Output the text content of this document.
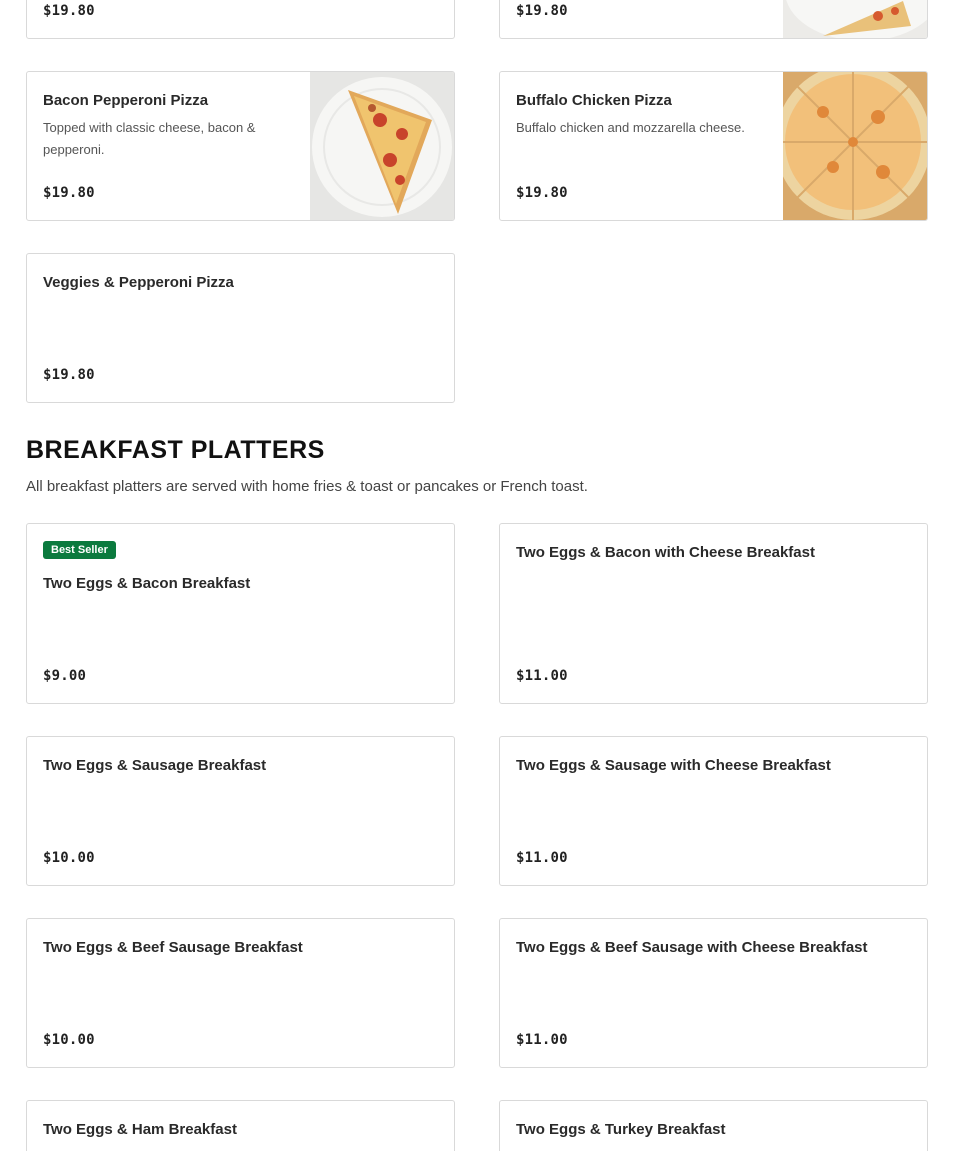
$19.80	$19.80
Bacon Pepperoni Pizza
Topped with classic cheese, bacon & pepperoni.
$19.80
Buffalo Chicken Pizza
Buffalo chicken and mozzarella cheese.
$19.80
Veggies & Pepperoni Pizza
$19.80
BREAKFAST PLATTERS

All breakfast platters are served with home fries & toast or pancakes or French toast.

Best Seller
Two Eggs & Bacon Breakfast
$9.00
Two Eggs & Bacon with Cheese Breakfast
$11.00
Two Eggs & Sausage Breakfast
$10.00
Two Eggs & Sausage with Cheese Breakfast
$11.00
Two Eggs & Beef Sausage Breakfast
$10.00
Two Eggs & Beef Sausage with Cheese Breakfast
$11.00
Two Eggs & Ham Breakfast	Two Eggs & Turkey Breakfast
